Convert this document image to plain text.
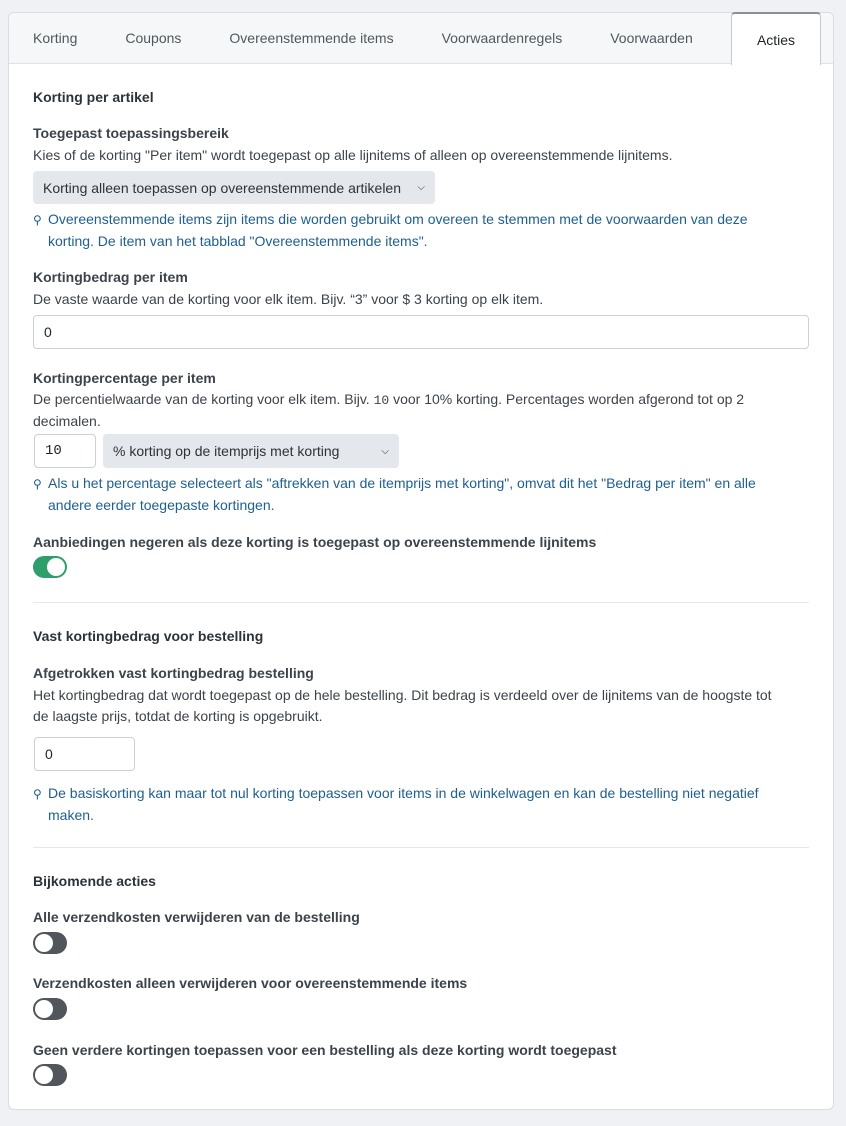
Korting	Coupons	Overeenstemmende items	Voorwaardenregels	Voorwaarden	Acties
Korting per artikel
Toegepast toepassingsbereik
Kies of de korting "Per item" wordt toegepast op alle lijnitems of alleen op overeenstemmende lijnitems.
Korting alleen toepassen op overeenstemmende artikelen ⌵
⚲ Overeenstemmende items zijn items die worden gebruikt om overeen te stemmen met de voorwaarden van deze
korting. De item van het tabblad "Overeenstemmende items".
Kortingbedrag per item
De vaste waarde van de korting voor elk item. Bijv. “3” voor $ 3 korting op elk item.
0
Kortingpercentage per item
De percentielwaarde van de korting voor elk item. Bijv. 10 voor 10% korting. Percentages worden afgerond tot op 2
decimalen.
10	% korting op de itemprijs met korting	⌵
⚲ Als u het percentage selecteert als "aftrekken van de itemprijs met korting", omvat dit het "Bedrag per item" en alle
andere eerder toegepaste kortingen.
Aanbiedingen negeren als deze korting is toegepast op overeenstemmende lijnitems
Vast kortingbedrag voor bestelling
Afgetrokken vast kortingbedrag bestelling
Het kortingbedrag dat wordt toegepast op de hele bestelling. Dit bedrag is verdeeld over de lijnitems van de hoogste tot
de laagste prijs, totdat de korting is opgebruikt.
0
⚲ De basiskorting kan maar tot nul korting toepassen voor items in de winkelwagen en kan de bestelling niet negatief
maken.
Bijkomende acties
Alle verzendkosten verwijderen van de bestelling
Verzendkosten alleen verwijderen voor overeenstemmende items
Geen verdere kortingen toepassen voor een bestelling als deze korting wordt toegepast
